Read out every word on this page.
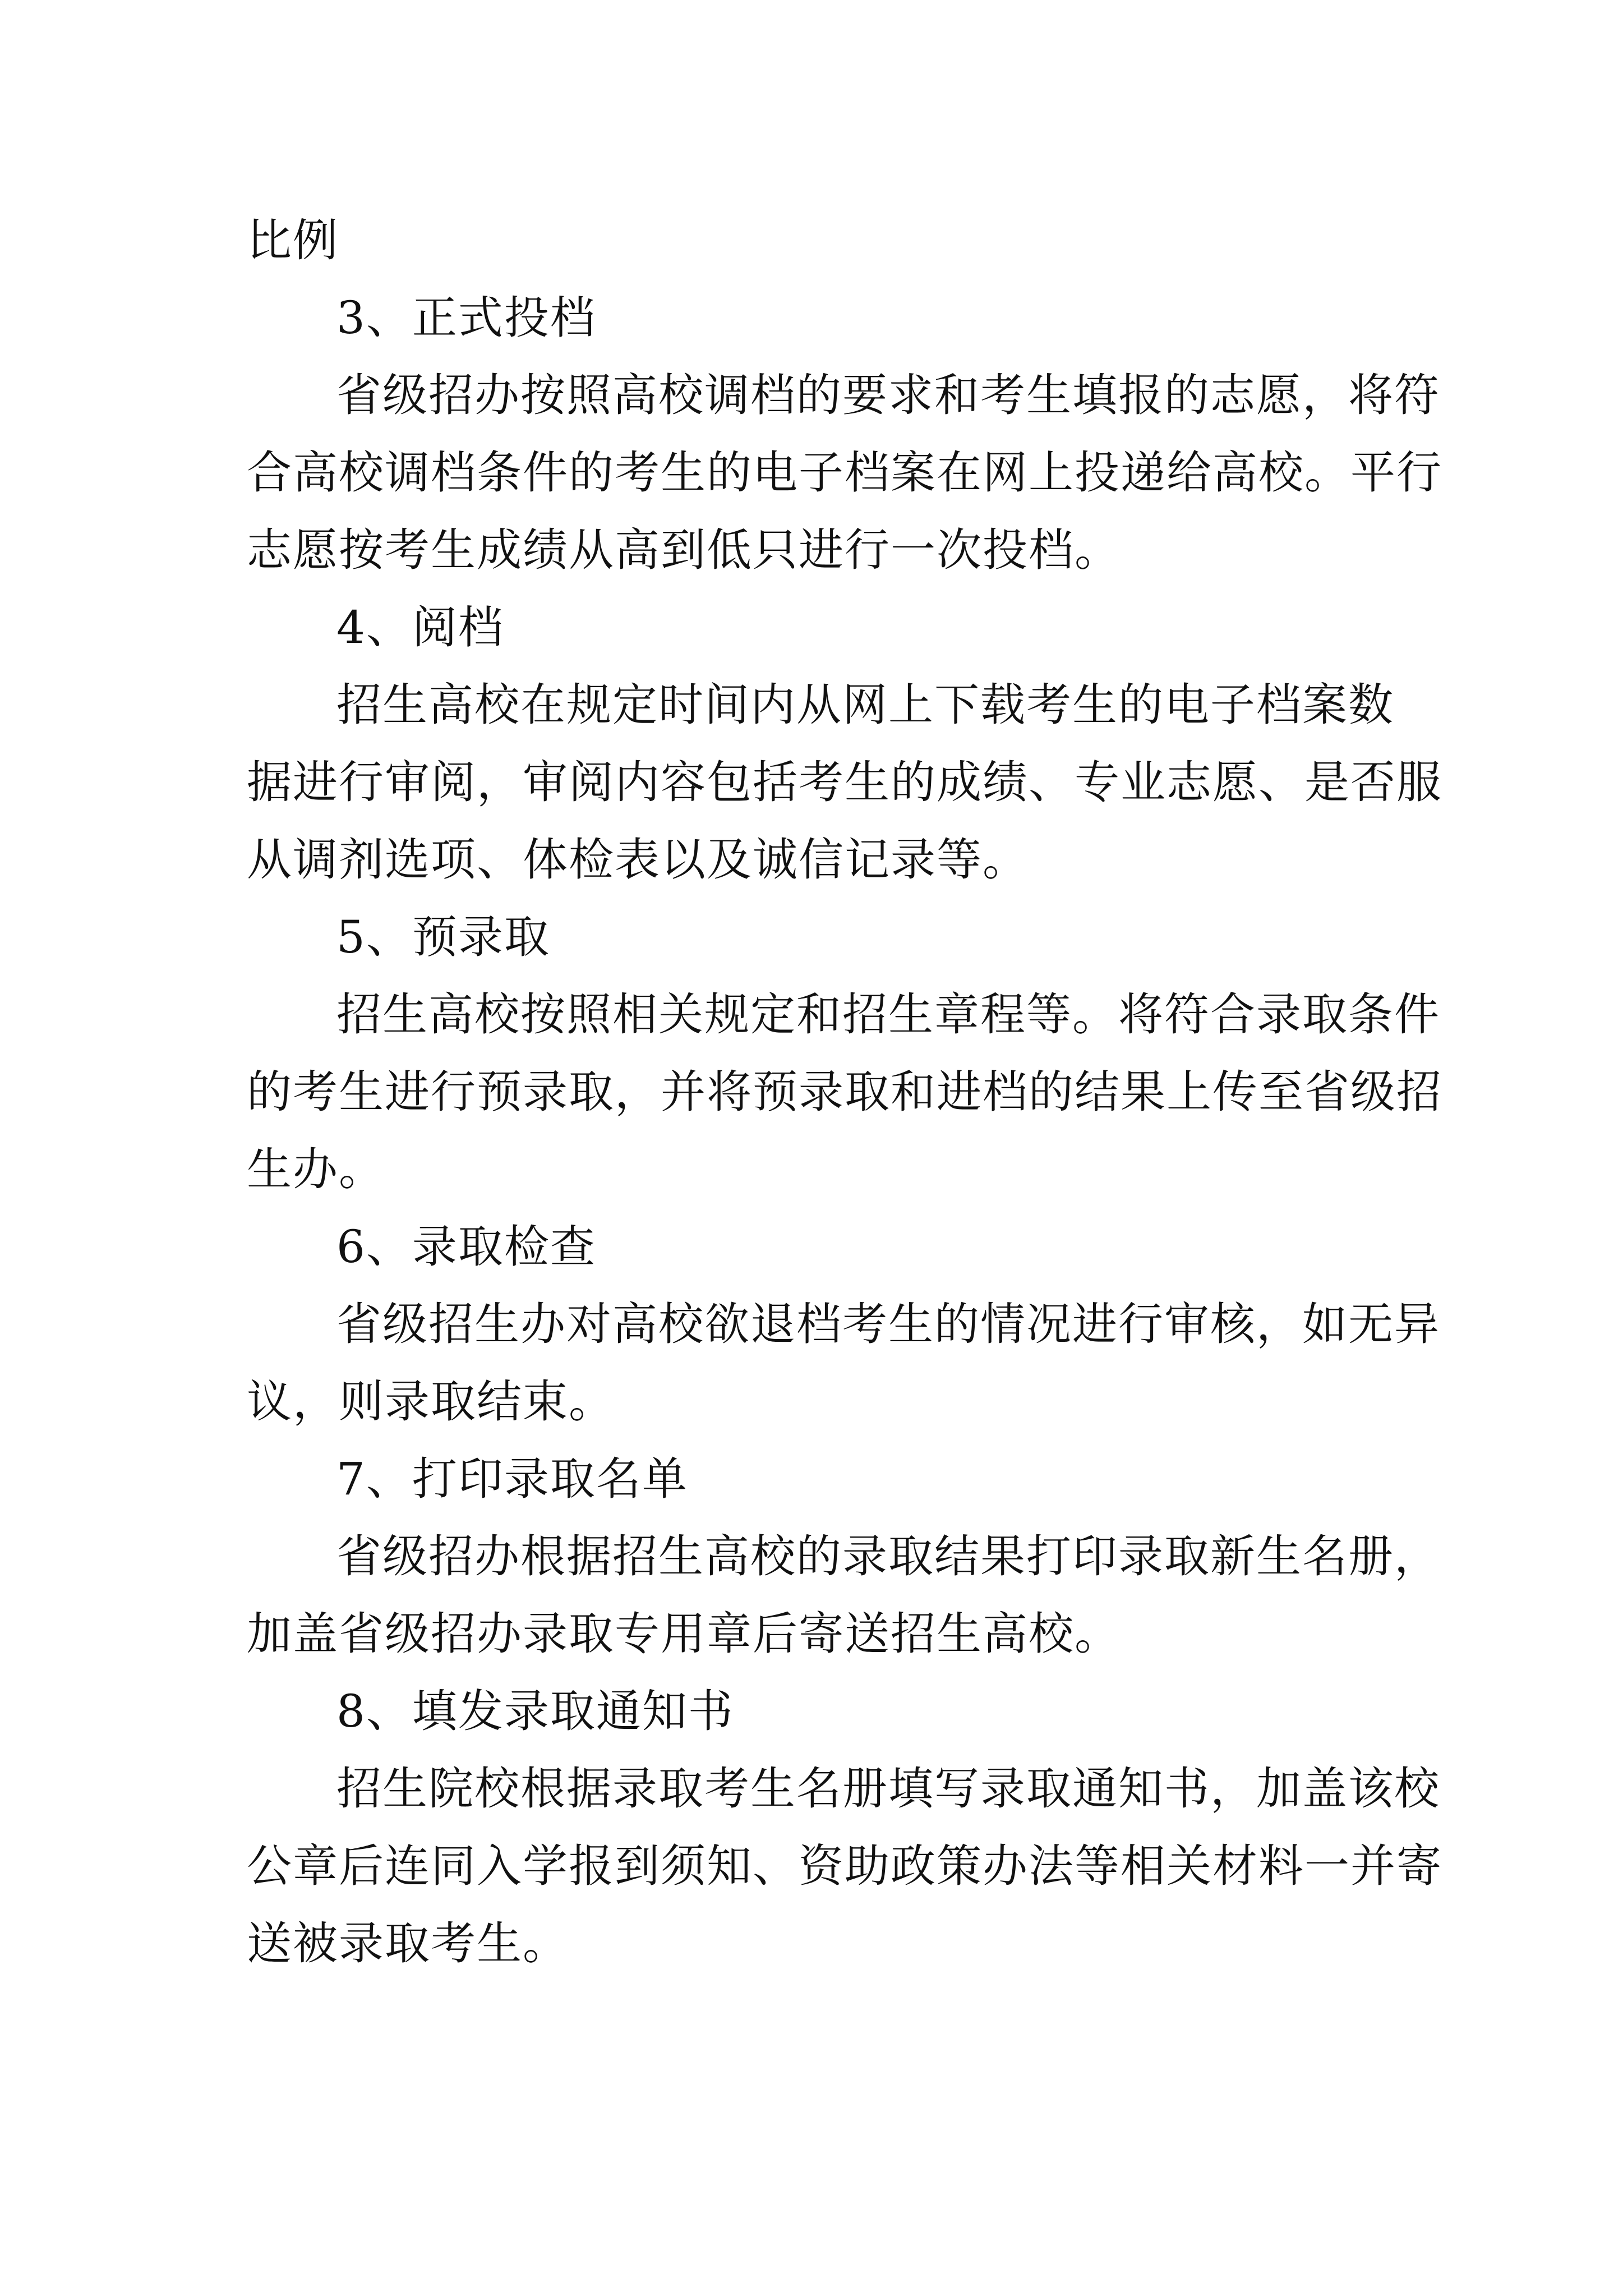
比例
3、正式投档
省级招办按照高校调档的要求和考生填报的志愿，将符
合高校调档条件的考生的电子档案在网上投递给高校。平行
志愿按考生成绩从高到低只进行一次投档。
4、阅档
招生高校在规定时间内从网上下载考生的电子档案数
据进行审阅，审阅内容包括考生的成绩、专业志愿、是否服
从调剂选项、体检表以及诚信记录等。
5、预录取
招生高校按照相关规定和招生章程等。将符合录取条件
的考生进行预录取，并将预录取和进档的结果上传至省级招
生办。
6、录取检查
省级招生办对高校欲退档考生的情况进行审核，如无异
议，则录取结束。
7、打印录取名单
省级招办根据招生高校的录取结果打印录取新生名册，
加盖省级招办录取专用章后寄送招生高校。
8、填发录取通知书
招生院校根据录取考生名册填写录取通知书，加盖该校
公章后连同入学报到须知、资助政策办法等相关材料一并寄
送被录取考生。
